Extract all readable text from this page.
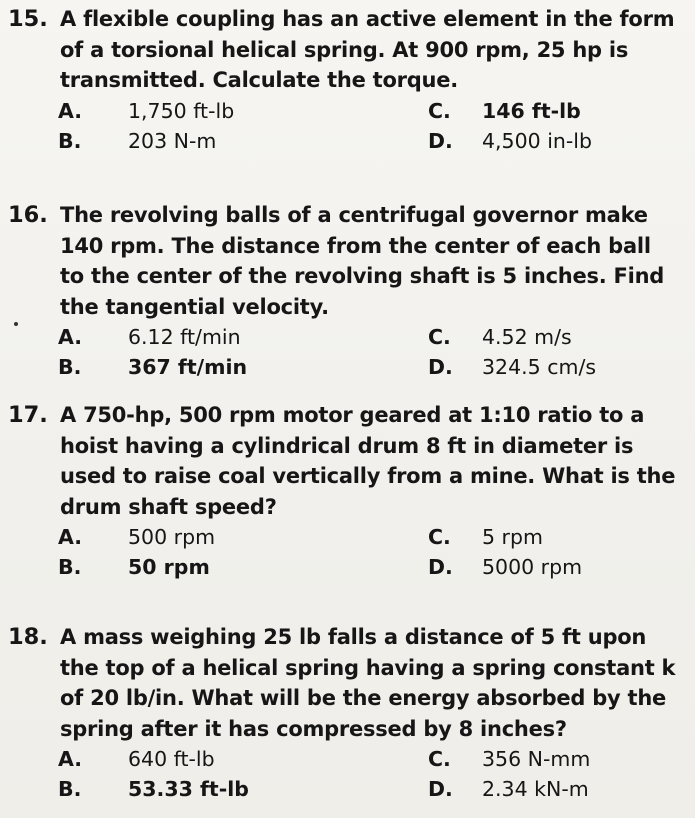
15. A flexible coupling has an active element in the form of a torsional helical spring. At 900 rpm, 25 hp is transmitted. Calculate the torque.

A.	1,750 ft-lb
B.	203 N-m
C.	146 ft-lb
D.	4,500 in-lb
16. The revolving balls of a centrifugal governor make 140 rpm. The distance from the center of each ball to the center of the revolving shaft is 5 inches. Find the tangential velocity.

A.	6.12 ft/min
B.	367 ft/min
C.	4.52 m/s
D.	324.5 cm/s
17. A 750-hp, 500 rpm motor geared at 1:10 ratio to a hoist having a cylindrical drum 8 ft in diameter is used to raise coal vertically from a mine. What is the drum shaft speed?

A.	500 rpm
B.	50 rpm
C.	5 rpm
D.	5000 rpm
18. A mass weighing 25 lb falls a distance of 5 ft upon the top of a helical spring having a spring constant k of 20 lb/in. What will be the energy absorbed by the spring after it has compressed by 8 inches?

A.	640 ft-lb
B.	53.33 ft-lb
C.	356 N-mm
D.	2.34 kN-m
